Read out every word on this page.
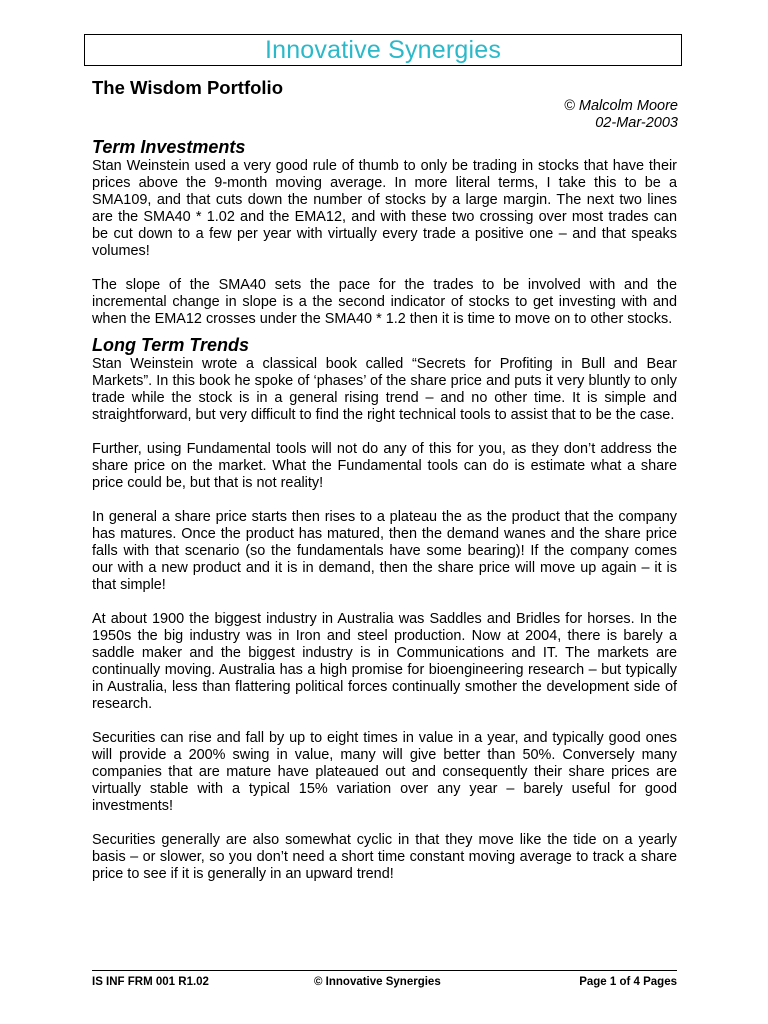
Innovative Synergies
The Wisdom Portfolio
© Malcolm Moore
02-Mar-2003
Term Investments

Stan Weinstein used a very good rule of thumb to only be trading in stocks that have their prices above the 9-month moving average. In more literal terms, I take this to be a SMA109, and that cuts down the number of stocks by a large margin. The next two lines are the SMA40 * 1.02 and the EMA12, and with these two crossing over most trades can be cut down to a few per year with virtually every trade a positive one – and that speaks volumes!

The slope of the SMA40 sets the pace for the trades to be involved with and the incremental change in slope is a the second indicator of stocks to get investing with and when the EMA12 crosses under the SMA40 * 1.2 then it is time to move on to other stocks.

Long Term Trends

Stan Weinstein wrote a classical book called “Secrets for Profiting in Bull and Bear Markets”. In this book he spoke of ‘phases’ of the share price and puts it very bluntly to only trade while the stock is in a general rising trend – and no other time. It is simple and straightforward, but very difficult to find the right technical tools to assist that to be the case.

Further, using Fundamental tools will not do any of this for you, as they don’t address the share price on the market. What the Fundamental tools can do is estimate what a share price could be, but that is not reality!

In general a share price starts then rises to a plateau the as the product that the company has matures. Once the product has matured, then the demand wanes and the share price falls with that scenario (so the fundamentals have some bearing)! If the company comes our with a new product and it is in demand, then the share price will move up again – it is that simple!

At about 1900 the biggest industry in Australia was Saddles and Bridles for horses. In the 1950s the big industry was in Iron and steel production. Now at 2004, there is barely a saddle maker and the biggest industry is in Communications and IT. The markets are continually moving. Australia has a high promise for bioengineering research – but typically in Australia, less than flattering political forces continually smother the development side of research.

Securities can rise and fall by up to eight times in value in a year, and typically good ones will provide a 200% swing in value, many will give better than 50%. Conversely many companies that are mature have plateaued out and consequently their share prices are virtually stable with a typical 15% variation over any year – barely useful for good investments!

Securities generally are also somewhat cyclic in that they move like the tide on a yearly basis – or slower, so you don’t need a short time constant moving average to track a share price to see if it is generally in an upward trend!

IS INF FRM 001 R1.02	© Innovative Synergies	Page 1 of 4 Pages
